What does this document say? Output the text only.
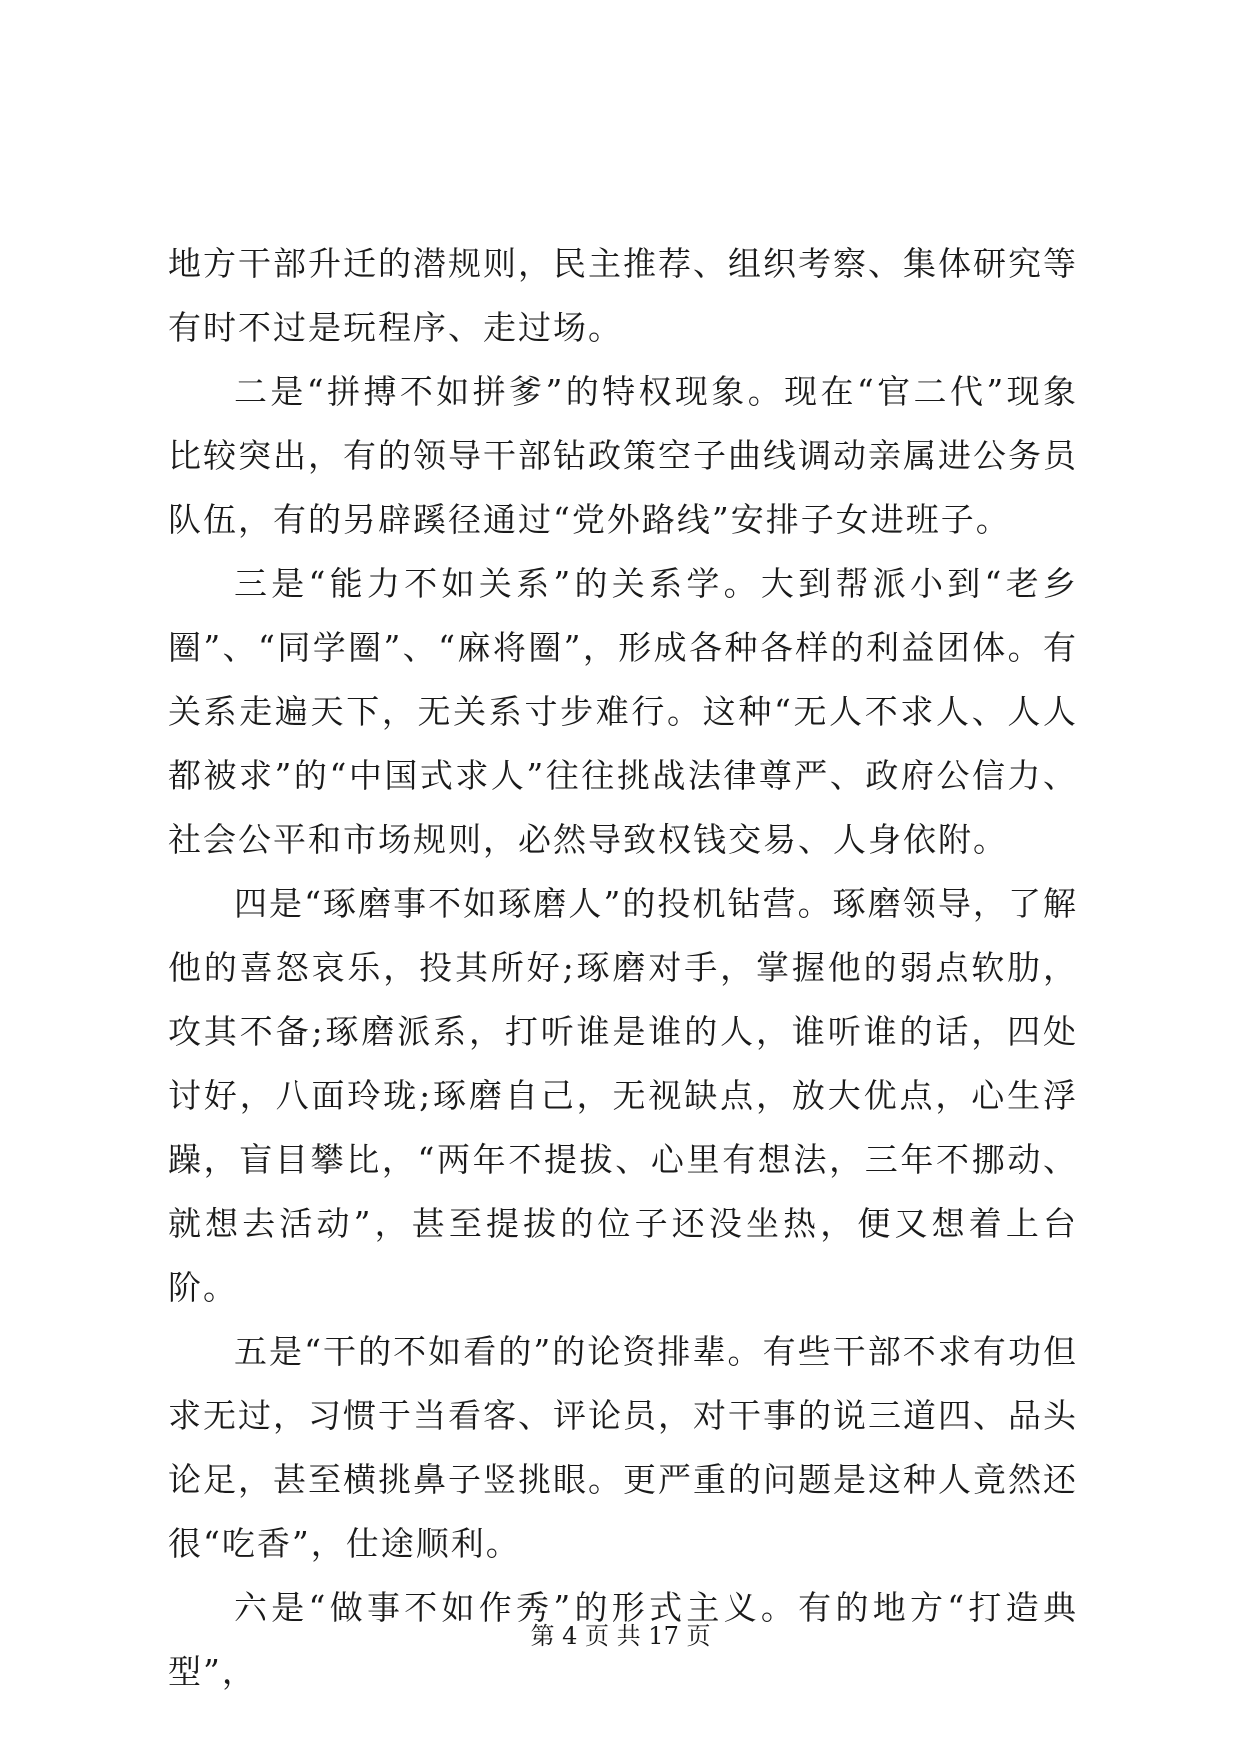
地方干部升迁的潜规则，民主推荐、组织考察、集体研究等有时不过是玩程序、走过场。

二是“拼搏不如拼爹”的特权现象。现在“官二代”现象比较突出，有的领导干部钻政策空子曲线调动亲属进公务员队伍，有的另辟蹊径通过“党外路线”安排子女进班子。

三是“能力不如关系”的关系学。大到帮派小到“老乡圈”、“同学圈”、“麻将圈”，形成各种各样的利益团体。有关系走遍天下，无关系寸步难行。这种“无人不求人、人人都被求”的“中国式求人”往往挑战法律尊严、政府公信力、社会公平和市场规则，必然导致权钱交易、人身依附。

四是“琢磨事不如琢磨人”的投机钻营。琢磨领导，了解他的喜怒哀乐，投其所好;琢磨对手，掌握他的弱点软肋，攻其不备;琢磨派系，打听谁是谁的人，谁听谁的话，四处讨好，八面玲珑;琢磨自己，无视缺点，放大优点，心生浮躁，盲目攀比，“两年不提拔、心里有想法，三年不挪动、就想去活动”，甚至提拔的位子还没坐热，便又想着上台阶。

五是“干的不如看的”的论资排辈。有些干部不求有功但求无过，习惯于当看客、评论员，对干事的说三道四、品头论足，甚至横挑鼻子竖挑眼。更严重的问题是这种人竟然还很“吃香”，仕途顺利。

六是“做事不如作秀”的形式主义。有的地方“打造典型”，

第 4 页 共 17 页
